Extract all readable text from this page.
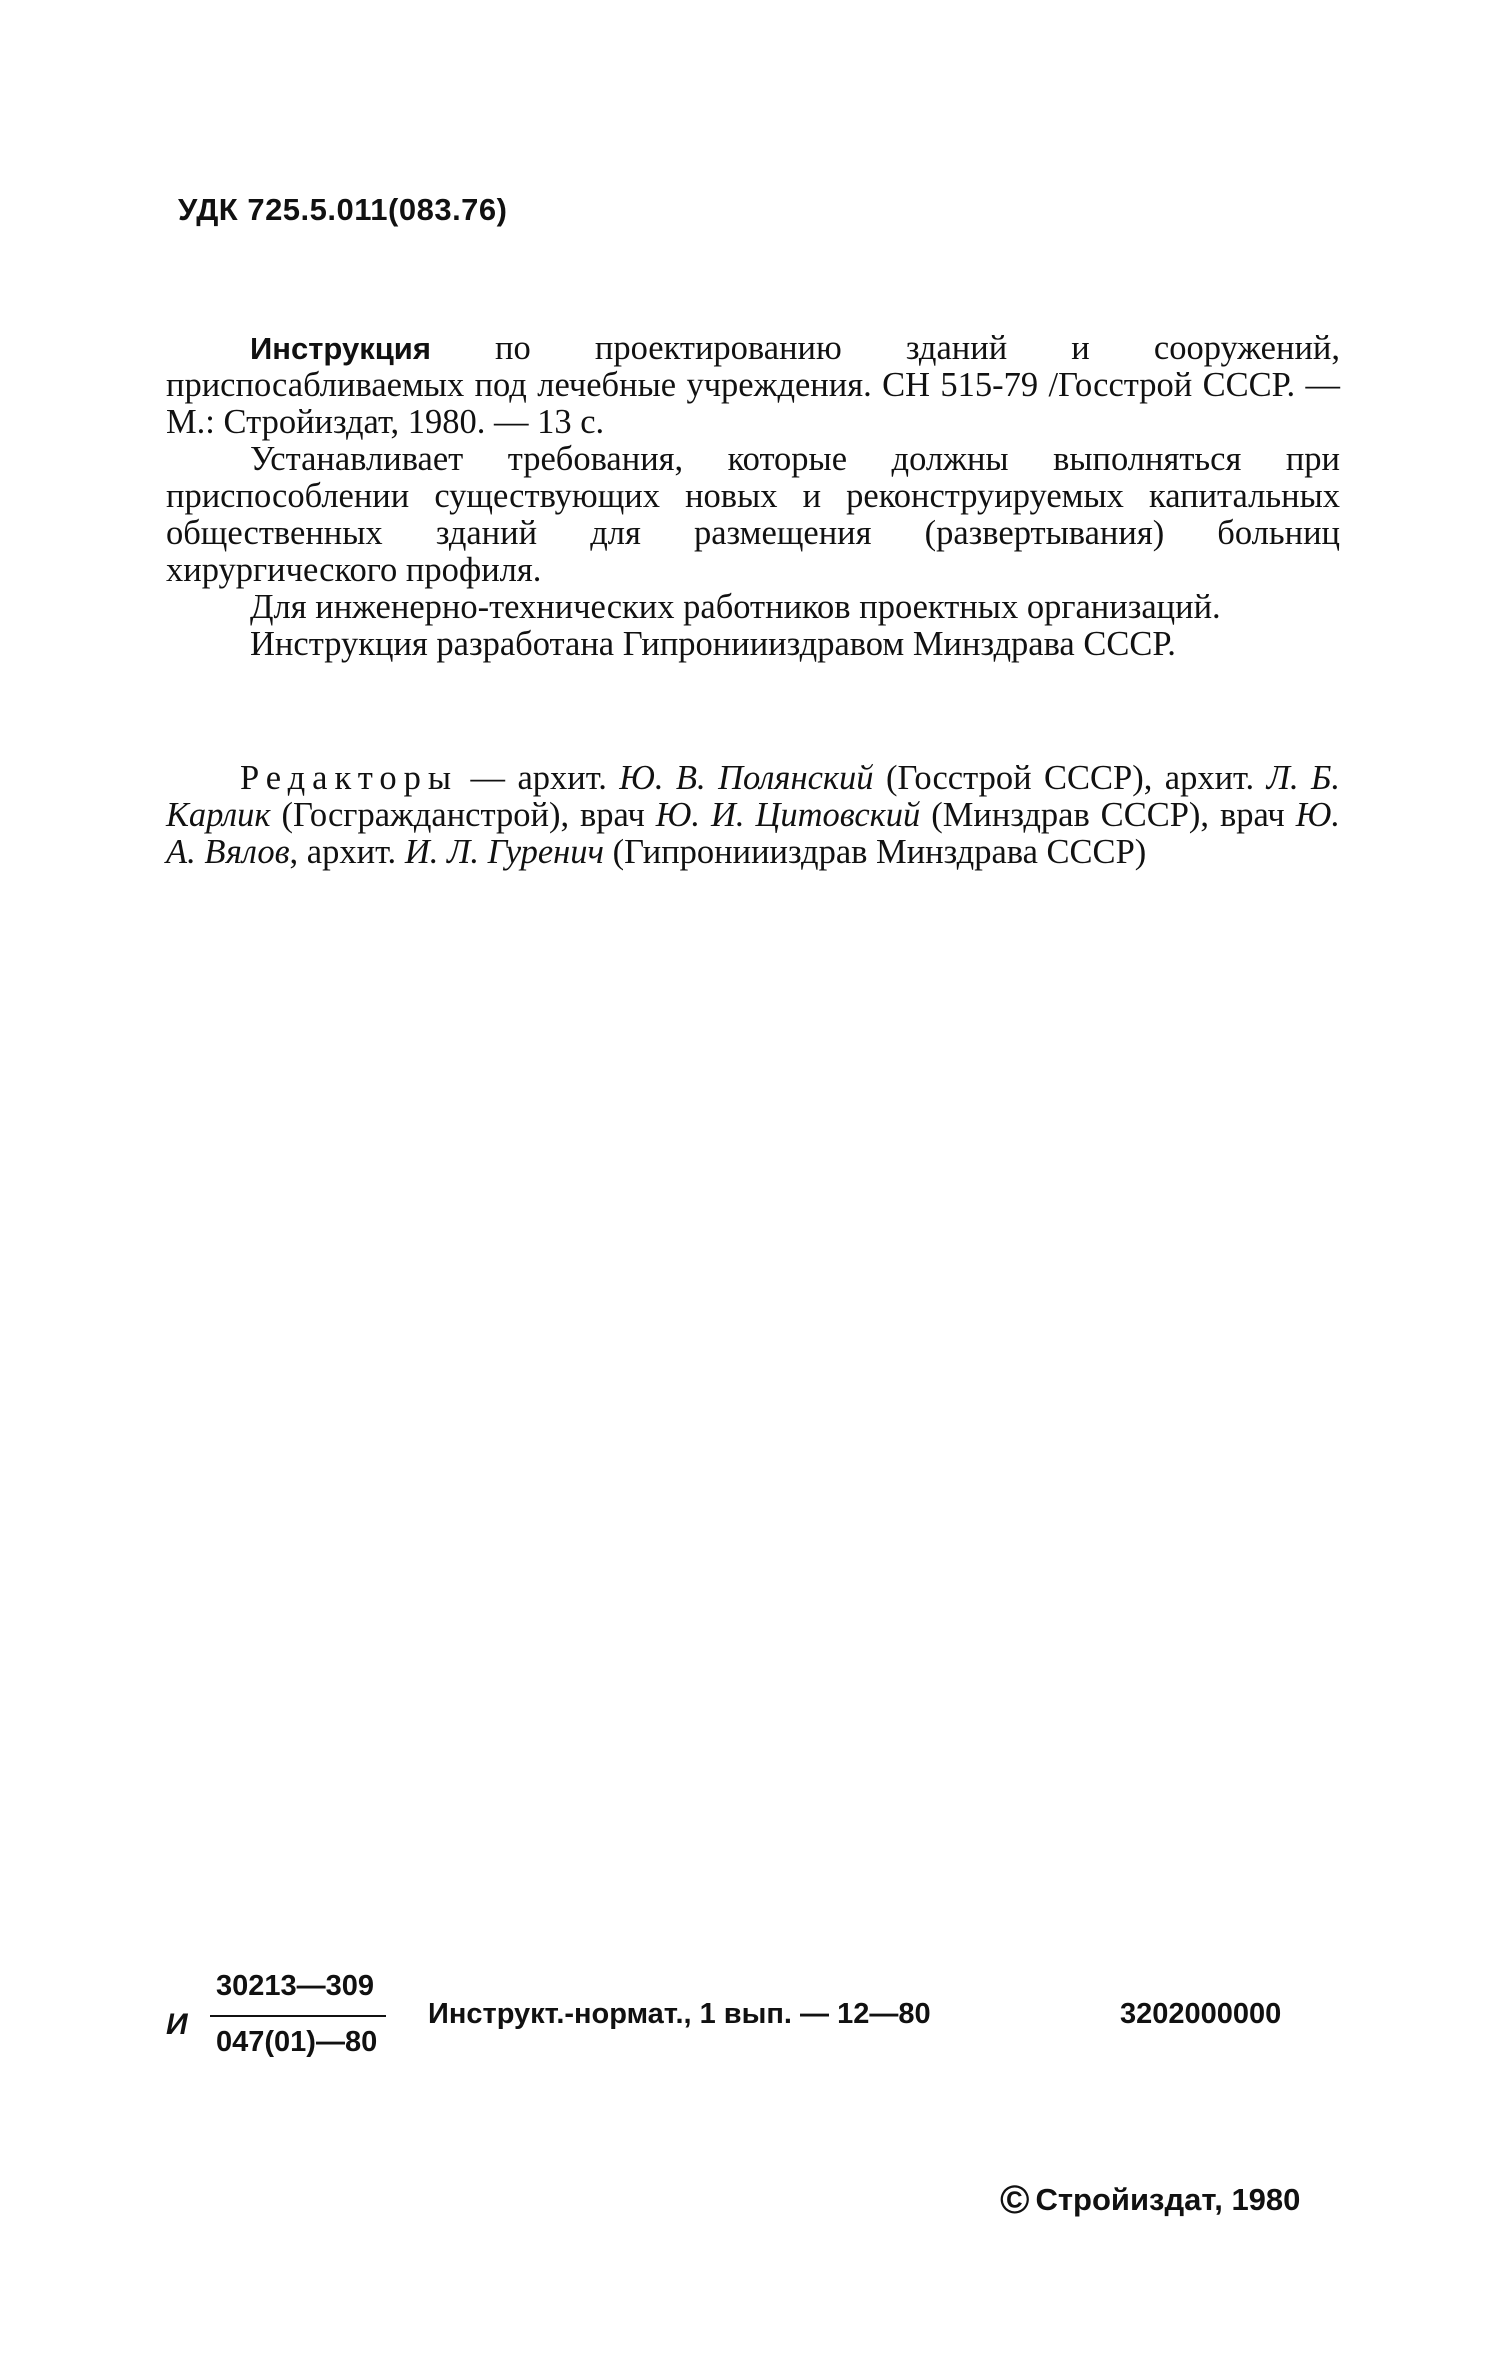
УДК 725.5.011(083.76)

Инструкция по проектированию зданий и сооружений, приспосабливаемых под лечебные учреждения. СН 515-79 /Госстрой СССР. — М.: Стройиздат, 1980. — 13 с.

Устанавливает требования, которые должны выполняться при приспособлении существующих новых и реконструируемых капитальных общественных зданий для размещения (развертывания) больниц хирургического профиля.

Для инженерно-технических работников проектных организаций.

Инструкция разработана Гипрониииздравом Минздрава СССР.

Редакторы — архит. Ю. В. Полянский (Госстрой СССР), архит. Л. Б. Карлик (Госгражданстрой), врач Ю. И. Цитовский (Минздрав СССР), врач Ю. А. Вялов, архит. И. Л. Гуренич (Гипрониииздрав Минздрава СССР)

И
30213—309
047(01)—80
Инструкт.-нормат., 1 вып. — 12—80	3202000000
© Стройиздат, 1980
